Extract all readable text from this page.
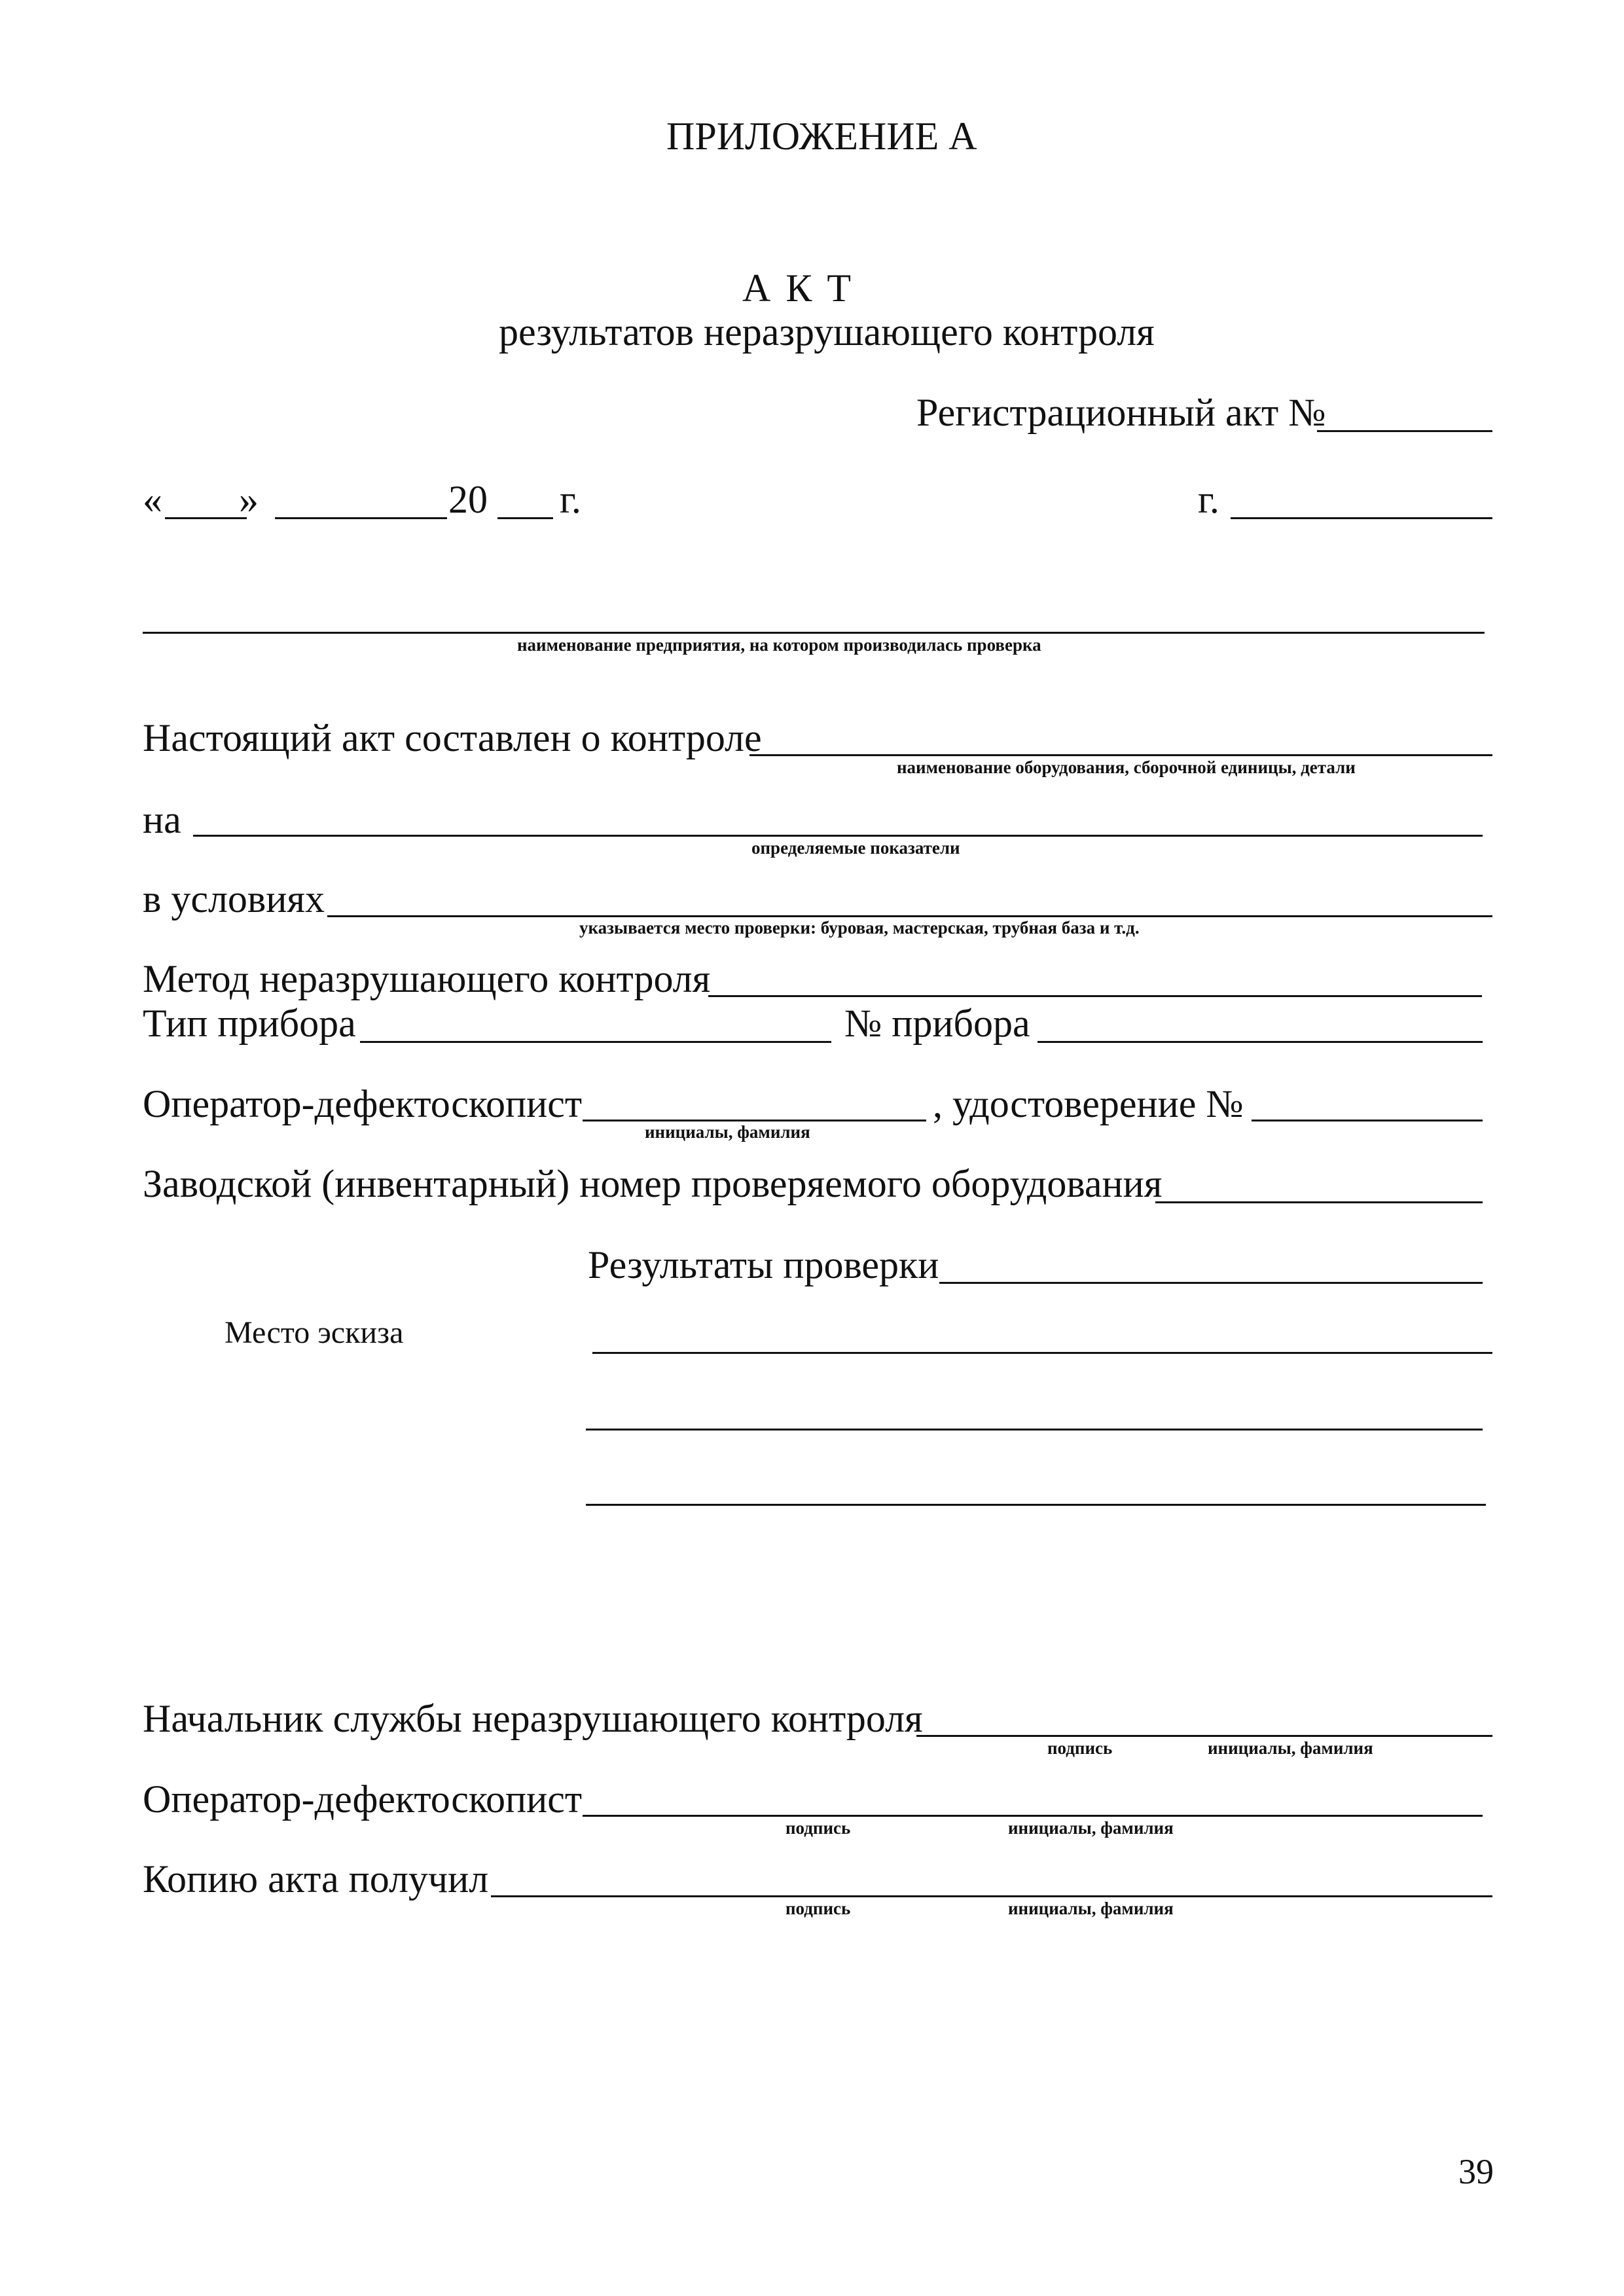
ПРИЛОЖЕНИЕ А
А К Т
результатов неразрушающего контроля
Регистрационный акт №
« »	20 г.	г.
наименование предприятия, на котором производилась проверка
Настоящий акт составлен о контроле
наименование оборудования, сборочной единицы, детали
на
определяемые показатели
в условиях
указывается место проверки: буровая, мастерская, трубная база и т.д.
Метод неразрушающего контроля
Тип прибора	№ прибора
Оператор-дефектоскопист
инициалы, фамилия
, удостоверение №
Заводской (инвентарный) номер проверяемого оборудования
Результаты проверки
Место эскиза
Начальник службы неразрушающего контроля
подпись	инициалы, фамилия
Оператор-дефектоскопист
подпись	инициалы, фамилия
Копию акта получил
подпись	инициалы, фамилия
39
